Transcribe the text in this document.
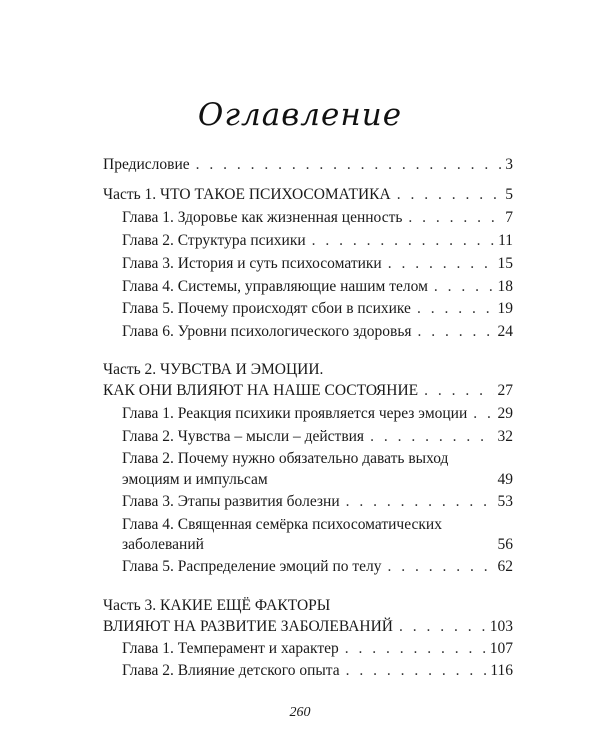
Оглавление
Предисловие . . .	3
Часть 1. ЧТО ТАКОЕ ПСИХОСОМАТИКА . . .	5
Глава 1. Здоровье как жизненная ценность . . .	7
Глава 2. Структура психики . . .	11
Глава 3. История и суть психосоматики . . .	15
Глава 4. Системы, управляющие нашим телом . . .	18
Глава 5. Почему происходят сбои в психике . . .	19
Глава 6. Уровни психологического здоровья . . .	24
Часть 2. ЧУВСТВА И ЭМОЦИИ.
КАК ОНИ ВЛИЯЮТ НА НАШЕ СОСТОЯНИЕ . . .	27
Глава 1. Реакция психики проявляется через эмоции . . . 29
Глава 2. Чувства – мысли – действия . . .	32
Глава 2. Почему нужно обязательно давать выход
эмоциям и импульсам	49
Глава 3. Этапы развития болезни . . .	53
Глава 4. Священная семёрка психосоматических
заболеваний	56
Глава 5. Распределение эмоций по телу . . .	62
Часть 3. КАКИЕ ЕЩЁ ФАКТОРЫ
ВЛИЯЮТ НА РАЗВИТИЕ ЗАБОЛЕВАНИЙ . . .	103
Глава 1. Темперамент и характер . . .	107
Глава 2. Влияние детского опыта . . .	116
260
